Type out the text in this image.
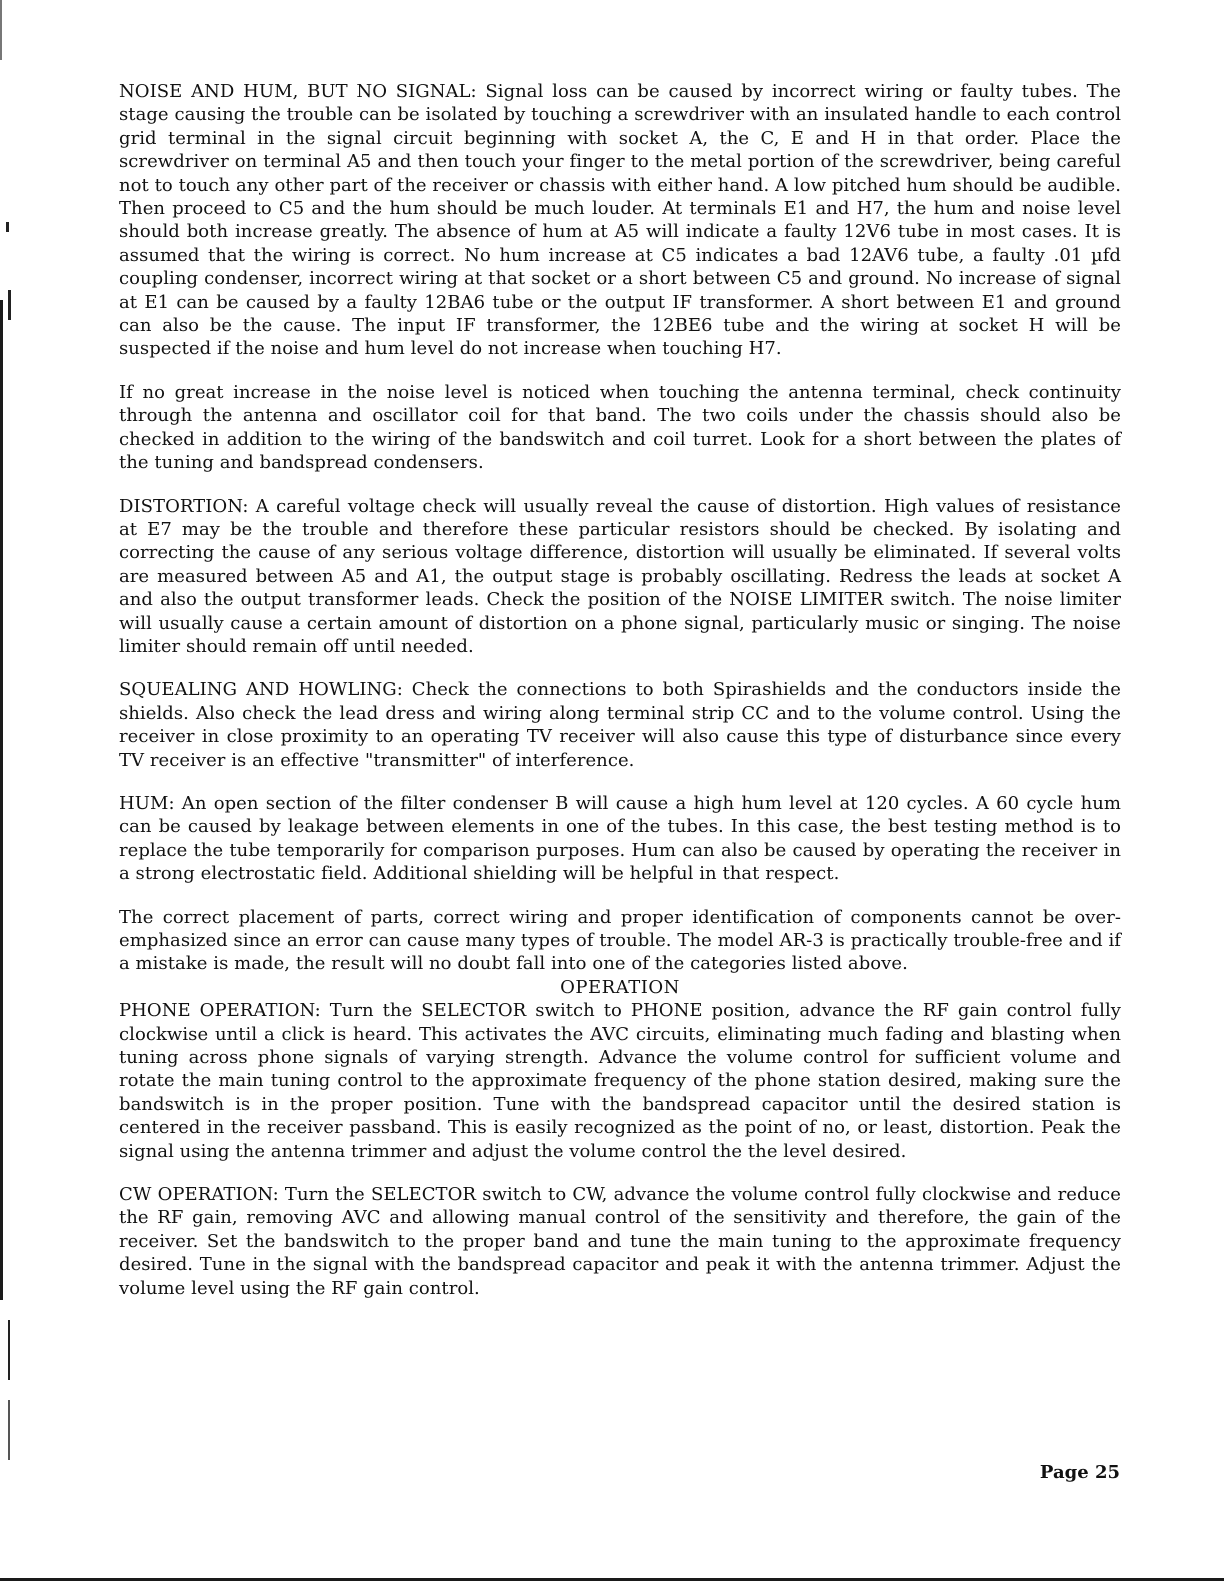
NOISE AND HUM, BUT NO SIGNAL: Signal loss can be caused by incorrect wiring or faulty tubes. The stage causing the trouble can be isolated by touching a screwdriver with an insulated handle to each control grid terminal in the signal circuit beginning with socket A, the C, E and H in that order. Place the screwdriver on terminal A5 and then touch your finger to the metal portion of the screwdriver, being careful not to touch any other part of the receiver or chassis with either hand. A low pitched hum should be audible. Then proceed to C5 and the hum should be much louder. At terminals E1 and H7, the hum and noise level should both increase greatly. The absence of hum at A5 will indicate a faulty 12V6 tube in most cases. It is assumed that the wiring is correct. No hum increase at C5 indicates a bad 12AV6 tube, a faulty .01 µfd coupling condenser, incorrect wiring at that socket or a short between C5 and ground. No increase of signal at E1 can be caused by a faulty 12BA6 tube or the output IF transformer. A short between E1 and ground can also be the cause. The input IF transformer, the 12BE6 tube and the wiring at socket H will be suspected if the noise and hum level do not increase when touching H7.

If no great increase in the noise level is noticed when touching the antenna terminal, check continuity through the antenna and oscillator coil for that band. The two coils under the chassis should also be checked in addition to the wiring of the bandswitch and coil turret. Look for a short between the plates of the tuning and bandspread condensers.

DISTORTION: A careful voltage check will usually reveal the cause of distortion. High values of resistance at E7 may be the trouble and therefore these particular resistors should be checked. By isolating and correcting the cause of any serious voltage difference, distortion will usually be eliminated. If several volts are measured between A5 and A1, the output stage is probably oscillating. Redress the leads at socket A and also the output transformer leads. Check the position of the NOISE LIMITER switch. The noise limiter will usually cause a certain amount of distortion on a phone signal, particularly music or singing. The noise limiter should remain off until needed.

SQUEALING AND HOWLING: Check the connections to both Spirashields and the conductors inside the shields. Also check the lead dress and wiring along terminal strip CC and to the volume control. Using the receiver in close proximity to an operating TV receiver will also cause this type of disturbance since every TV receiver is an effective "transmitter" of interference.

HUM: An open section of the filter condenser B will cause a high hum level at 120 cycles. A 60 cycle hum can be caused by leakage between elements in one of the tubes. In this case, the best testing method is to replace the tube temporarily for comparison purposes. Hum can also be caused by operating the receiver in a strong electrostatic field. Additional shielding will be helpful in that respect.

The correct placement of parts, correct wiring and proper identification of components cannot be over-emphasized since an error can cause many types of trouble. The model AR-3 is practically trouble-free and if a mistake is made, the result will no doubt fall into one of the categories listed above.

OPERATION

PHONE OPERATION: Turn the SELECTOR switch to PHONE position, advance the RF gain control fully clockwise until a click is heard. This activates the AVC circuits, eliminating much fading and blasting when tuning across phone signals of varying strength. Advance the volume control for sufficient volume and rotate the main tuning control to the approximate frequency of the phone station desired, making sure the bandswitch is in the proper position. Tune with the bandspread capacitor until the desired station is centered in the receiver passband. This is easily recognized as the point of no, or least, distortion. Peak the signal using the antenna trimmer and adjust the volume control the the level desired.

CW OPERATION: Turn the SELECTOR switch to CW, advance the volume control fully clockwise and reduce the RF gain, removing AVC and allowing manual control of the sensitivity and therefore, the gain of the receiver. Set the bandswitch to the proper band and tune the main tuning to the approximate frequency desired. Tune in the signal with the bandspread capacitor and peak it with the antenna trimmer. Adjust the volume level using the RF gain control.

Page 25
